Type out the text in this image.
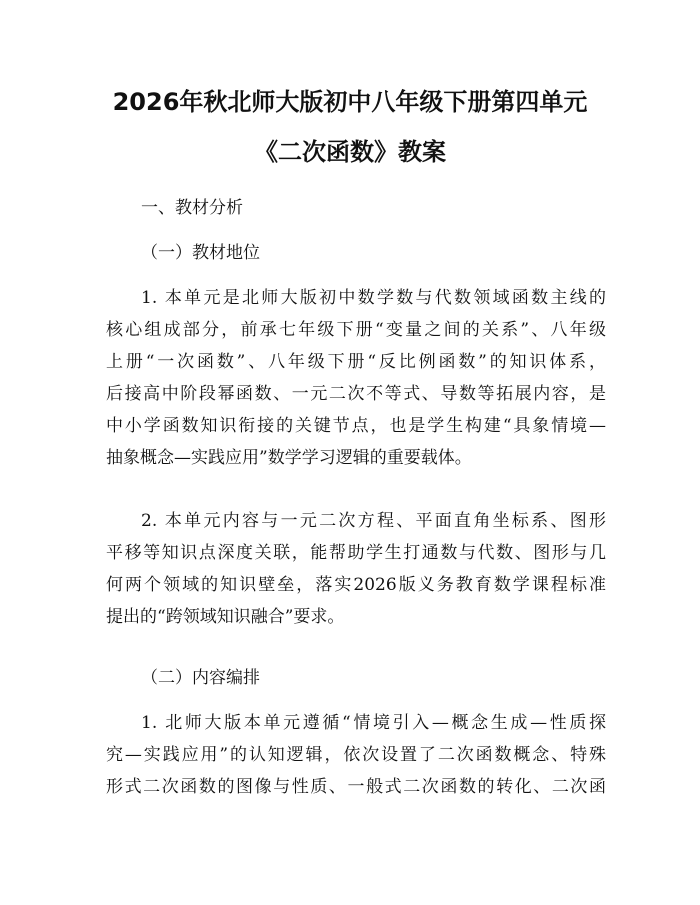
2026年秋北师大版初中八年级下册第四单元
《二次函数》教案
一、教材分析
（一）教材地位
1. 本单元是北师大版初中数学数与代数领域函数主线的
核心组成部分，前承七年级下册“变量之间的关系”、八年级
上册“一次函数”、八年级下册“反比例函数”的知识体系，
后接高中阶段幂函数、一元二次不等式、导数等拓展内容，是
中小学函数知识衔接的关键节点，也是学生构建“具象情境—
抽象概念—实践应用”数学学习逻辑的重要载体。
2. 本单元内容与一元二次方程、平面直角坐标系、图形
平移等知识点深度关联，能帮助学生打通数与代数、图形与几
何两个领域的知识壁垒，落实2026版义务教育数学课程标准
提出的“跨领域知识融合”要求。
（二）内容编排
1. 北师大版本单元遵循“情境引入—概念生成—性质探
究—实践应用”的认知逻辑，依次设置了二次函数概念、特殊
形式二次函数的图像与性质、一般式二次函数的转化、二次函
